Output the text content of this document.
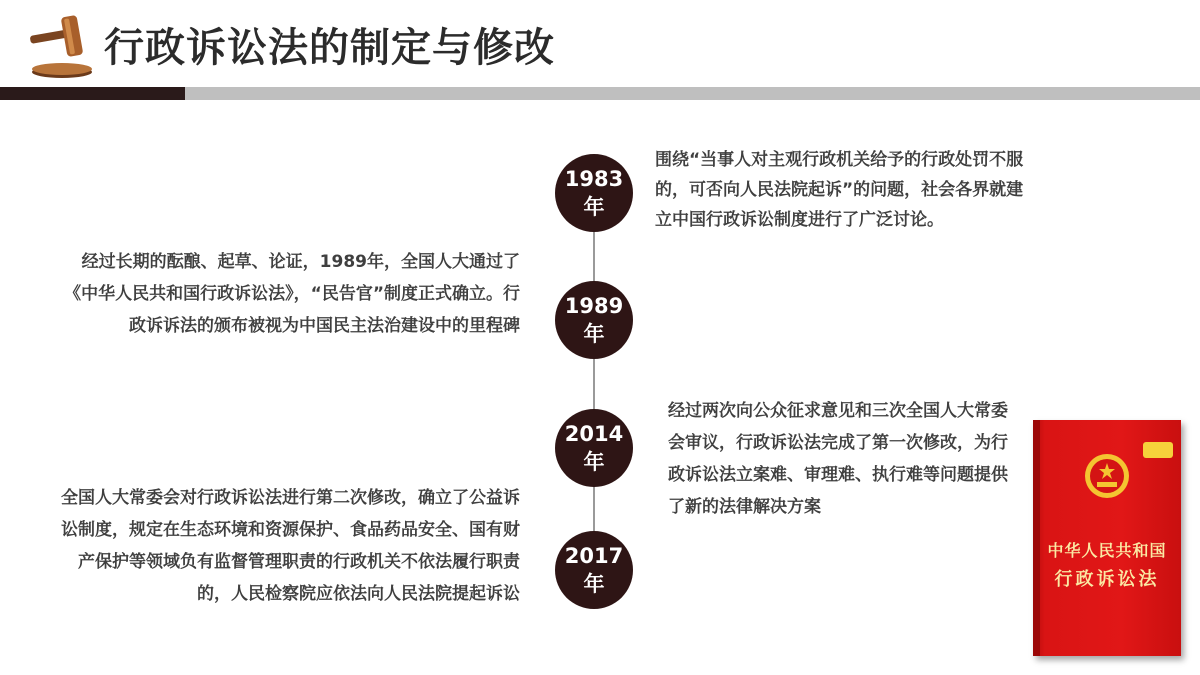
行政诉讼法的制定与修改
1983
年
1989
年
2014
年
2017
年
围绕“当事人对主观行政机关给予的行政处罚不服的，可否向人民法院起诉”的问题，社会各界就建立中国行政诉讼制度进行了广泛讨论。
经过长期的酝酿、起草、论证，1989年，全国人大通过了《中华人民共和国行政诉讼法》，“民告官”制度正式确立。行政诉诉法的颁布被视为中国民主法治建设中的里程碑
经过两次向公众征求意见和三次全国人大常委会审议，行政诉讼法完成了第一次修改，为行政诉讼法立案难、审理难、执行难等问题提供了新的法律解决方案
全国人大常委会对行政诉讼法进行第二次修改，确立了公益诉讼制度，规定在生态环境和资源保护、食品药品安全、国有财产保护等领域负有监督管理职责的行政机关不依法履行职责的，人民检察院应依法向人民法院提起诉讼
中华人民共和国
行政诉讼法
